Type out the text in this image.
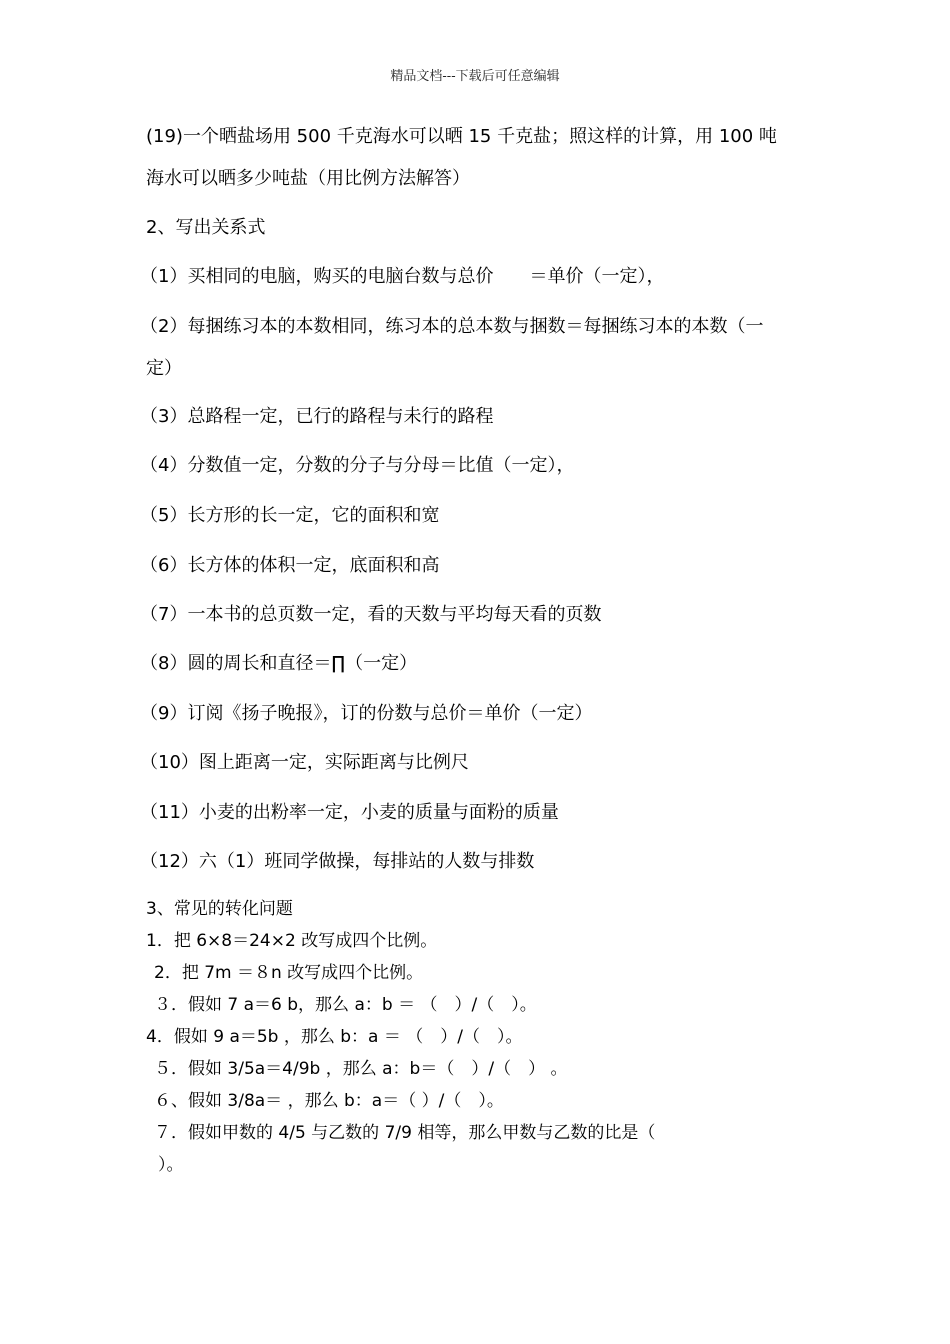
精品文档---下载后可任意编辑
(19)一个晒盐场用 500 千克海水可以晒 15 千克盐；照这样的计算，用 100 吨
海水可以晒多少吨盐（用比例方法解答）
2、写出关系式
（1）买相同的电脑，购买的电脑台数与总价　　＝单价（一定），
（2）每捆练习本的本数相同，练习本的总本数与捆数＝每捆练习本的本数（一
定）
（3）总路程一定，已行的路程与未行的路程
（4）分数值一定，分数的分子与分母＝比值（一定），
（5）长方形的长一定，它的面积和宽
（6）长方体的体积一定，底面积和高
（7）一本书的总页数一定，看的天数与平均每天看的页数
（8）圆的周长和直径＝∏（一定）
（9）订阅《扬子晚报》，订的份数与总价＝单价（一定）
（10）图上距离一定，实际距离与比例尺
（11）小麦的出粉率一定，小麦的质量与面粉的质量
（12）六（1）班同学做操，每排站的人数与排数
3、常见的转化问题
1．把 6×8＝24×2 改写成四个比例。
2．把 7m ＝８n 改写成四个比例。
３．假如 7 a＝6 b，那么 a：b ＝ （　）/（　）。
4．假如 9 a＝5b ，那么 b：a ＝ （　）/（　）。
５．假如 3/5a＝4/9b ，那么 a：b＝（　）/（　） 。
６、假如 3/8a＝ ，那么 b：a＝（ ）/（　）。
７．假如甲数的 4/5 与乙数的 7/9 相等，那么甲数与乙数的比是（
）。
